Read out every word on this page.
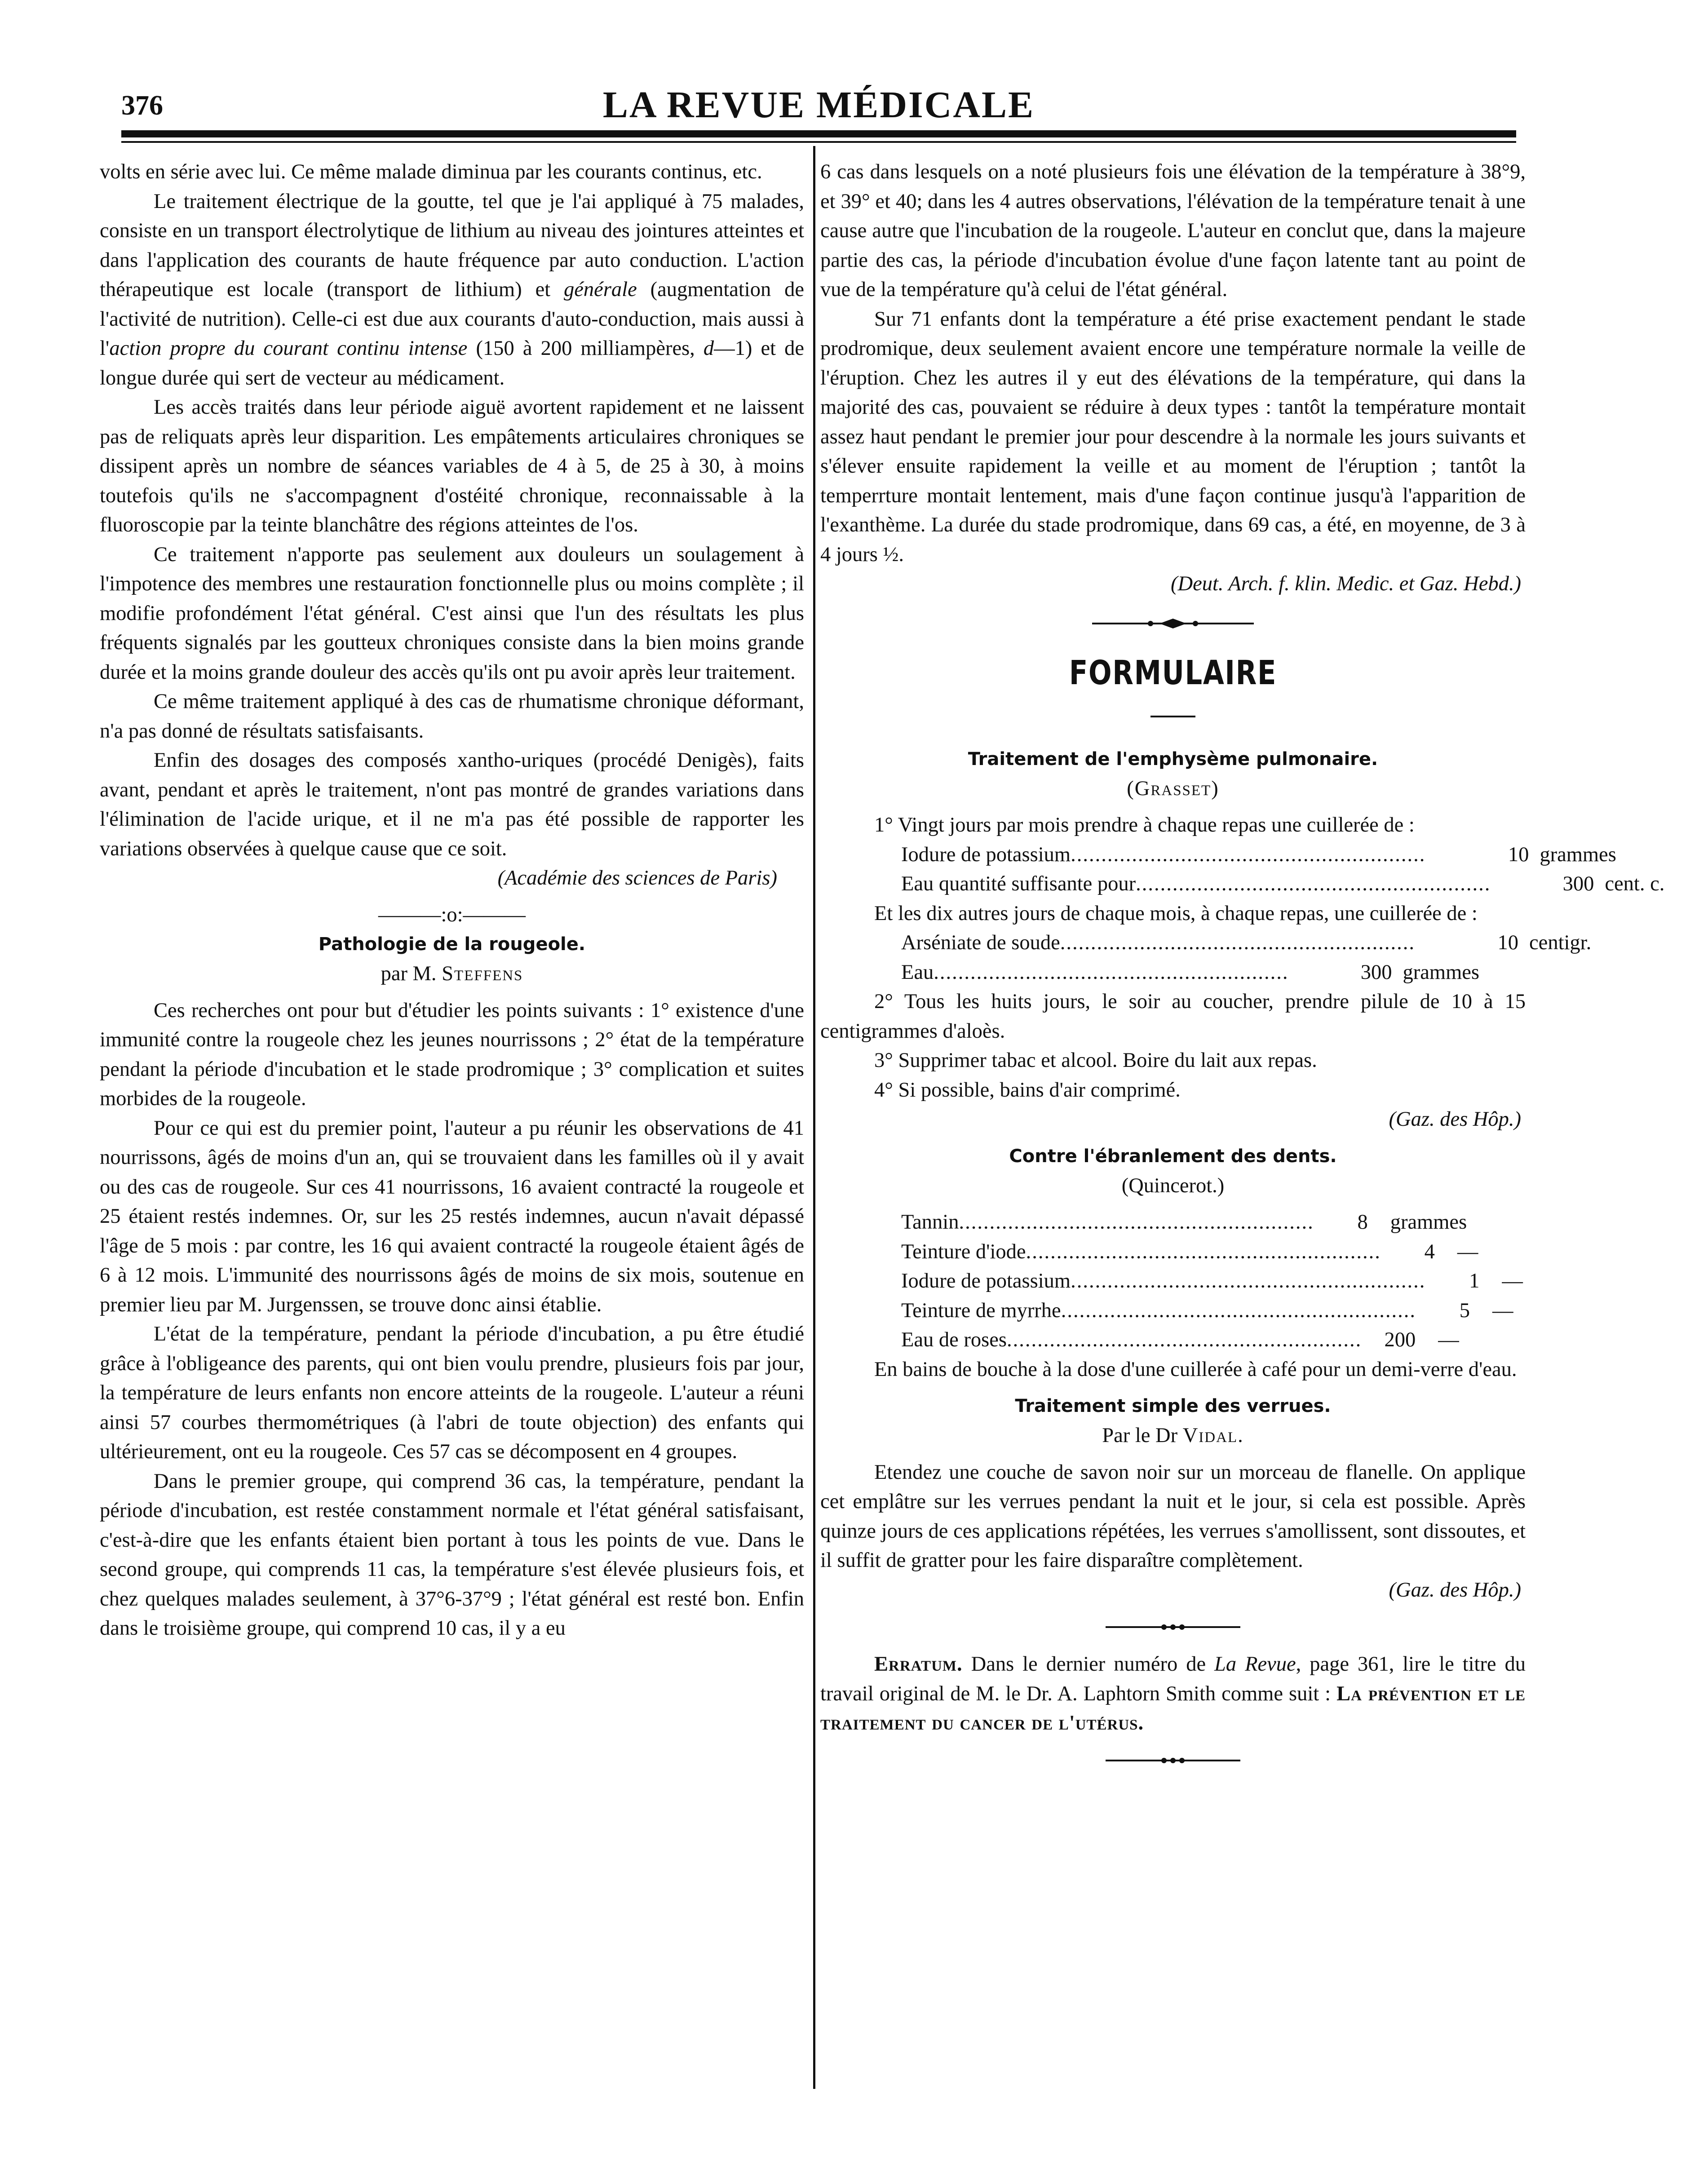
376	LA REVUE MÉDICALE

volts en série avec lui. Ce même malade diminua par les courants continus, etc.

Le traitement électrique de la goutte, tel que je l'ai appliqué à 75 malades, consiste en un transport électrolytique de lithium au niveau des jointures atteintes et dans l'application des courants de haute fréquence par auto conduction. L'action thérapeutique est locale (transport de lithium) et générale (augmentation de l'activité de nutrition). Celle-ci est due aux courants d'auto-conduction, mais aussi à l'action propre du courant continu intense (150 à 200 milliampères, d—1) et de longue durée qui sert de vecteur au médicament.

Les accès traités dans leur période aiguë avortent rapidement et ne laissent pas de reliquats après leur disparition. Les empâtements articulaires chroniques se dissipent après un nombre de séances variables de 4 à 5, de 25 à 30, à moins toutefois qu'ils ne s'accompagnent d'ostéité chronique, reconnaissable à la fluoroscopie par la teinte blanchâtre des régions atteintes de l'os.

Ce traitement n'apporte pas seulement aux douleurs un soulagement à l'impotence des membres une restauration fonctionnelle plus ou moins complète ; il modifie profondément l'état général. C'est ainsi que l'un des résultats les plus fréquents signalés par les goutteux chroniques consiste dans la bien moins grande durée et la moins grande douleur des accès qu'ils ont pu avoir après leur traitement.

Ce même traitement appliqué à des cas de rhumatisme chronique déformant, n'a pas donné de résultats satisfaisants.

Enfin des dosages des composés xantho-uriques (procédé Denigès), faits avant, pendant et après le traitement, n'ont pas montré de grandes variations dans l'élimination de l'acide urique, et il ne m'a pas été possible de rapporter les variations observées à quelque cause que ce soit.

(Académie des sciences de Paris)

———:o:———

Pathologie de la rougeole.

par M. Steffens

Ces recherches ont pour but d'étudier les points suivants : 1° existence d'une immunité contre la rougeole chez les jeunes nourrissons ; 2° état de la température pendant la période d'incubation et le stade prodromique ; 3° complication et suites morbides de la rougeole.

Pour ce qui est du premier point, l'auteur a pu réunir les observations de 41 nourrissons, âgés de moins d'un an, qui se trouvaient dans les familles où il y avait ou des cas de rougeole. Sur ces 41 nourrissons, 16 avaient contracté la rougeole et 25 étaient restés indemnes. Or, sur les 25 restés indemnes, aucun n'avait dépassé l'âge de 5 mois : par contre, les 16 qui avaient contracté la rougeole étaient âgés de 6 à 12 mois. L'immunité des nourrissons âgés de moins de six mois, soutenue en premier lieu par M. Jurgenssen, se trouve donc ainsi établie.

L'état de la température, pendant la période d'incubation, a pu être étudié grâce à l'obligeance des parents, qui ont bien voulu prendre, plusieurs fois par jour, la température de leurs enfants non encore atteints de la rougeole. L'auteur a réuni ainsi 57 courbes thermométriques (à l'abri de toute objection) des enfants qui ultérieurement, ont eu la rougeole. Ces 57 cas se décomposent en 4 groupes.

Dans le premier groupe, qui comprend 36 cas, la température, pendant la période d'incubation, est restée constamment normale et l'état général satisfaisant, c'est-à-dire que les enfants étaient bien portant à tous les points de vue. Dans le second groupe, qui comprends 11 cas, la température s'est élevée plusieurs fois, et chez quelques malades seulement, à 37°6-37°9 ; l'état général est resté bon. Enfin dans le troisième groupe, qui comprend 10 cas, il y a eu

6 cas dans lesquels on a noté plusieurs fois une élévation de la température à 38°9, et 39° et 40; dans les 4 autres observations, l'élévation de la température tenait à une cause autre que l'incubation de la rougeole. L'auteur en conclut que, dans la majeure partie des cas, la période d'incubation évolue d'une façon latente tant au point de vue de la température qu'à celui de l'état général.

Sur 71 enfants dont la température a été prise exactement pendant le stade prodromique, deux seulement avaient encore une température normale la veille de l'éruption. Chez les autres il y eut des élévations de la température, qui dans la majorité des cas, pouvaient se réduire à deux types : tantôt la température montait assez haut pendant le premier jour pour descendre à la normale les jours suivants et s'élever ensuite rapidement la veille et au moment de l'éruption ; tantôt la temperrture montait lentement, mais d'une façon continue jusqu'à l'apparition de l'exanthème. La durée du stade prodromique, dans 69 cas, a été, en moyenne, de 3 à 4 jours ½.

(Deut. Arch. f. klin. Medic. et Gaz. Hebd.)

FORMULAIRE

Traitement de l'emphysème pulmonaire.

(Grasset)

1° Vingt jours par mois prendre à chaque repas une cuillerée de :

Iodure de potassium ..........................................................	10 grammes
Eau quantité suffisante pour ..........................................................	300 cent. c.

Et les dix autres jours de chaque mois, à chaque repas, une cuillerée de :

Arséniate de soude ..........................................................	10 centigr.
Eau ..........................................................	300 grammes

2° Tous les huits jours, le soir au coucher, prendre pilule de 10 à 15 centigrammes d'aloès.

3° Supprimer tabac et alcool. Boire du lait aux repas.

4° Si possible, bains d'air comprimé.

(Gaz. des Hôp.)

Contre l'ébranlement des dents.

(Quincerot.)

Tannin ..........................................................	8	grammes
Teinture d'iode ..........................................................	4	—
Iodure de potassium ..........................................................	1	—
Teinture de myrrhe ..........................................................	5	—
Eau de roses ..........................................................	200	—

En bains de bouche à la dose d'une cuillerée à café pour un demi-verre d'eau.

Traitement simple des verrues.

Par le Dr Vidal.

Etendez une couche de savon noir sur un morceau de flanelle. On applique cet emplâtre sur les verrues pendant la nuit et le jour, si cela est possible. Après quinze jours de ces applications répétées, les verrues s'amollissent, sont dissoutes, et il suffit de gratter pour les faire disparaître complètement.

(Gaz. des Hôp.)

Erratum. Dans le dernier numéro de La Revue, page 361, lire le titre du travail original de M. le Dr. A. Laphtorn Smith comme suit : La prévention et le traitement du cancer de l'utérus.
